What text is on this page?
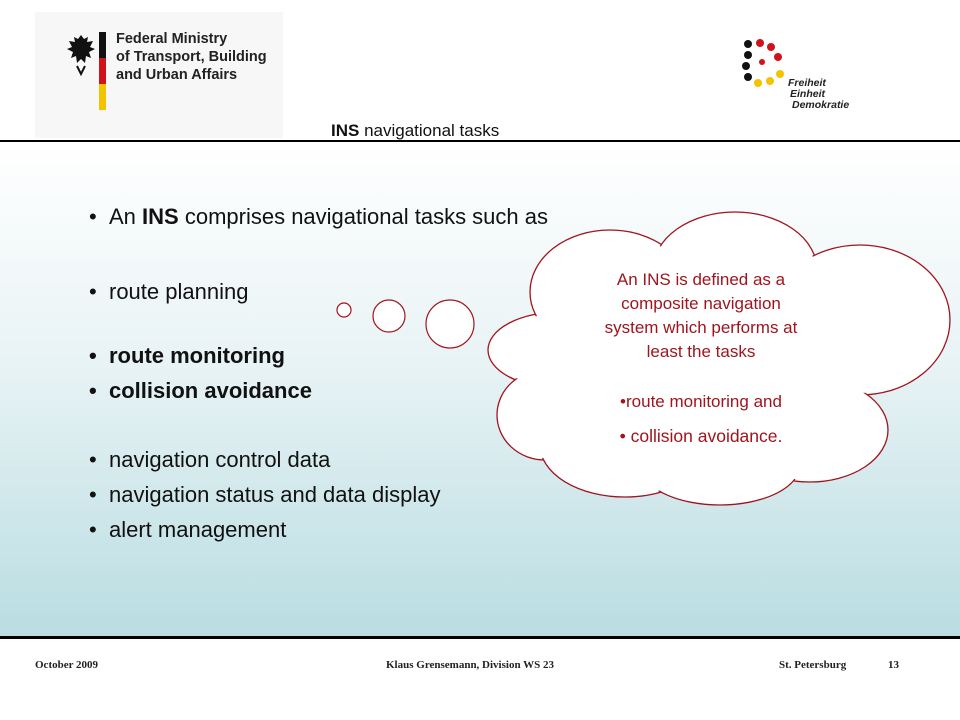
Federal Ministry
of Transport, Building
and Urban Affairs	Freiheit
Einheit
Demokratie
INS navigational tasks
• An INS comprises navigational tasks such as
• route planning
• route monitoring
• collision avoidance
• navigation control data
• navigation status and data display
• alert management
An INS is defined as a
composite navigation
system which performs at
least the tasks
•route monitoring and
• collision avoidance.
October 2009	Klaus Grensemann, Division WS 23	St. Petersburg	13
